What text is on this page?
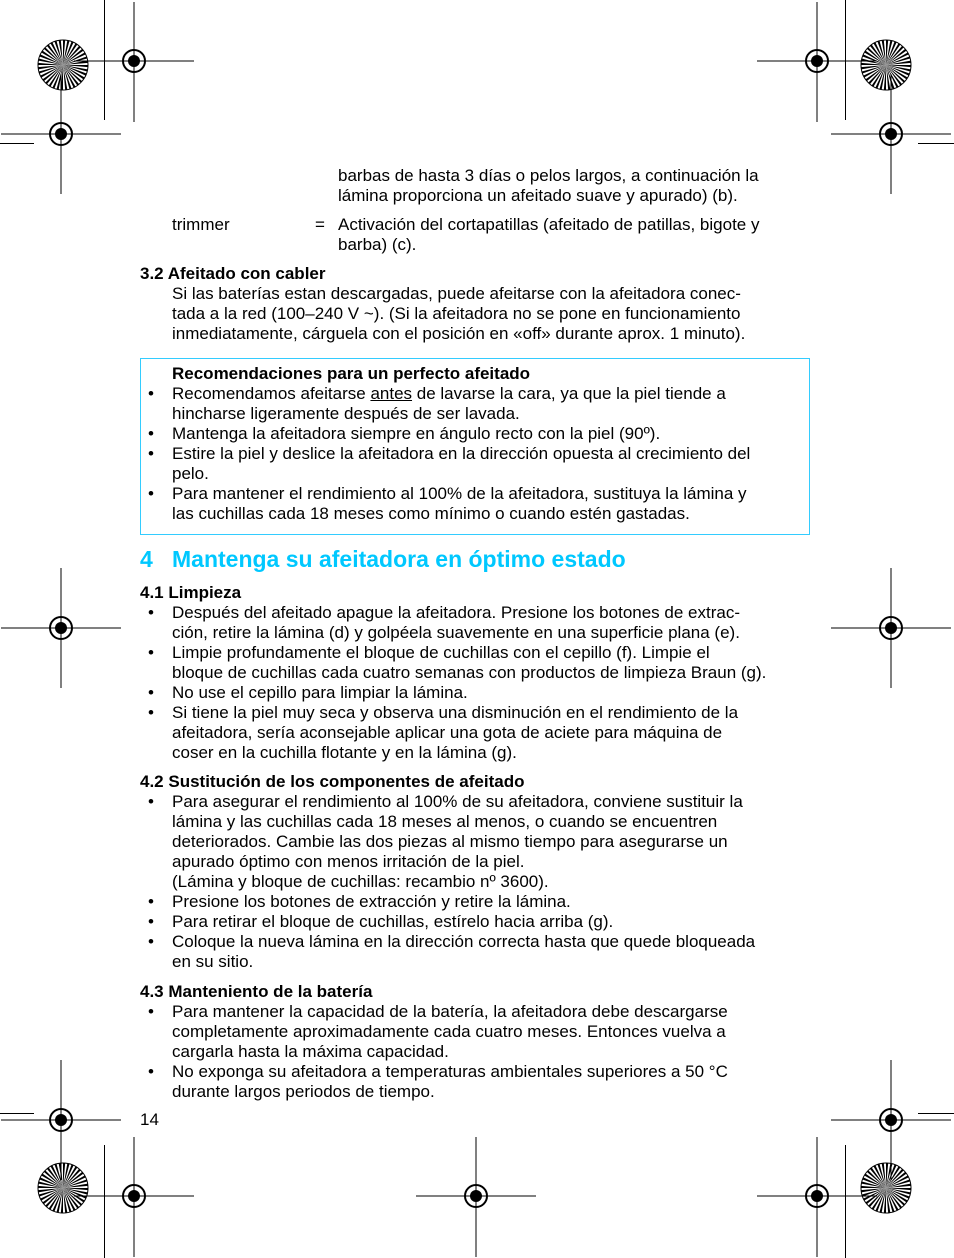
barbas de hasta 3 días o pelos largos, a continuación la
lámina proporciona un afeitado suave y apurado) (b).
trimmer	= Activación del cortapatillas (afeitado de patillas, bigote y
barba) (c).
3.2 Afeitado con cabler
Si las baterías estan descargadas, puede afeitarse con la afeitadora conec-
tada a la red (100–240 V ~). (Si la afeitadora no se pone en funcionamiento
inmediatamente, cárguela con el posición en «off» durante aprox. 1 minuto).
Recomendaciones para un perfecto afeitado
•	Recomendamos afeitarse antes de lavarse la cara, ya que la piel tiende a
hincharse ligeramente después de ser lavada.
•	Mantenga la afeitadora siempre en ángulo recto con la piel (90º).
•	Estire la piel y deslice la afeitadora en la dirección opuesta al crecimiento del
pelo.
•	Para mantener el rendimiento al 100% de la afeitadora, sustituya la lámina y
las cuchillas cada 18 meses como mínimo o cuando estén gastadas.
4 Mantenga su afeitadora en óptimo estado
4.1 Limpieza
•	Después del afeitado apague la afeitadora. Presione los botones de extrac-
ción, retire la lámina (d) y golpéela suavemente en una superficie plana (e).
•	Limpie profundamente el bloque de cuchillas con el cepillo (f). Limpie el
bloque de cuchillas cada cuatro semanas con productos de limpieza Braun (g).
•	No use el cepillo para limpiar la lámina.
•	Si tiene la piel muy seca y observa una disminución en el rendimiento de la
afeitadora, sería aconsejable aplicar una gota de aciete para máquina de
coser en la cuchilla flotante y en la lámina (g).
4.2 Sustitución de los componentes de afeitado
•	Para asegurar el rendimiento al 100% de su afeitadora, conviene sustituir la
lámina y las cuchillas cada 18 meses al menos, o cuando se encuentren
deteriorados. Cambie las dos piezas al mismo tiempo para asegurarse un
apurado óptimo con menos irritación de la piel.
(Lámina y bloque de cuchillas: recambio nº 3600).
•	Presione los botones de extracción y retire la lámina.
•	Para retirar el bloque de cuchillas, estírelo hacia arriba (g).
•	Coloque la nueva lámina en la dirección correcta hasta que quede bloqueada
en su sitio.
4.3 Manteniento de la batería
•	Para mantener la capacidad de la batería, la afeitadora debe descargarse
completamente aproximadamente cada cuatro meses. Entonces vuelva a
cargarla hasta la máxima capacidad.
•	No exponga su afeitadora a temperaturas ambientales superiores a 50 °C
durante largos periodos de tiempo.
14
